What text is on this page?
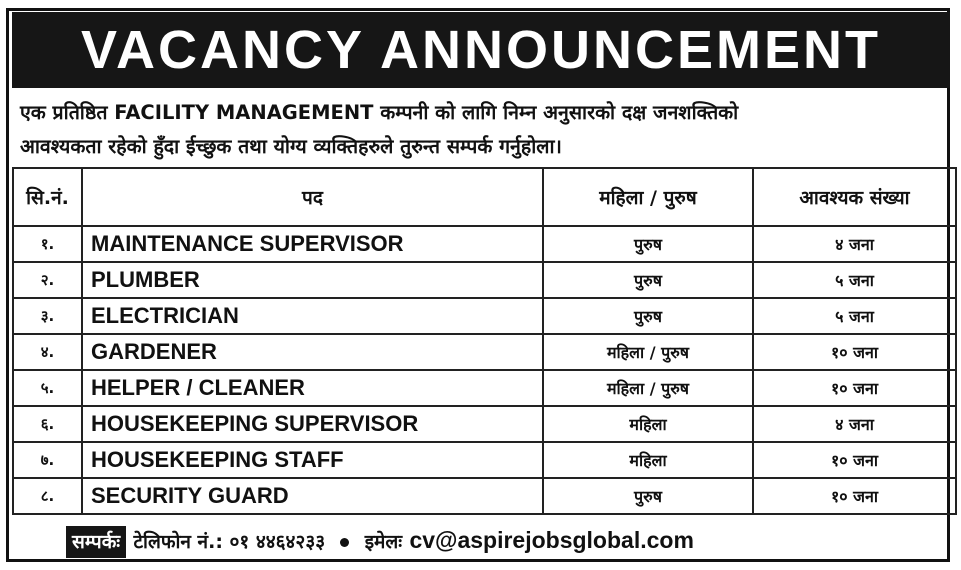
VACANCY ANNOUNCEMENT
एक प्रतिष्ठित FACILITY MANAGEMENT कम्पनी को लागि निम्न अनुसारको दक्ष जनशक्तिको
आवश्यकता रहेको हुँदा ईच्छुक तथा योग्य व्यक्तिहरुले तुरुन्त सम्पर्क गर्नुहोला।
सि.नं.	पद	महिला / पुरुष	आवश्यक संख्या
१.	MAINTENANCE SUPERVISOR	पुरुष	४ जना
२.	PLUMBER	पुरुष	५ जना
३.	ELECTRICIAN	पुरुष	५ जना
४.	GARDENER	महिला / पुरुष	१० जना
५.	HELPER / CLEANER	महिला / पुरुष	१० जना
६.	HOUSEKEEPING SUPERVISOR	महिला	४ जना
७.	HOUSEKEEPING STAFF	महिला	१० जना
८.	SECURITY GUARD	पुरुष	१० जना
सम्पर्कः टेलिफोन नं.: ०१ ४४६४२३३ इमेलः cv@aspirejobsglobal.com
